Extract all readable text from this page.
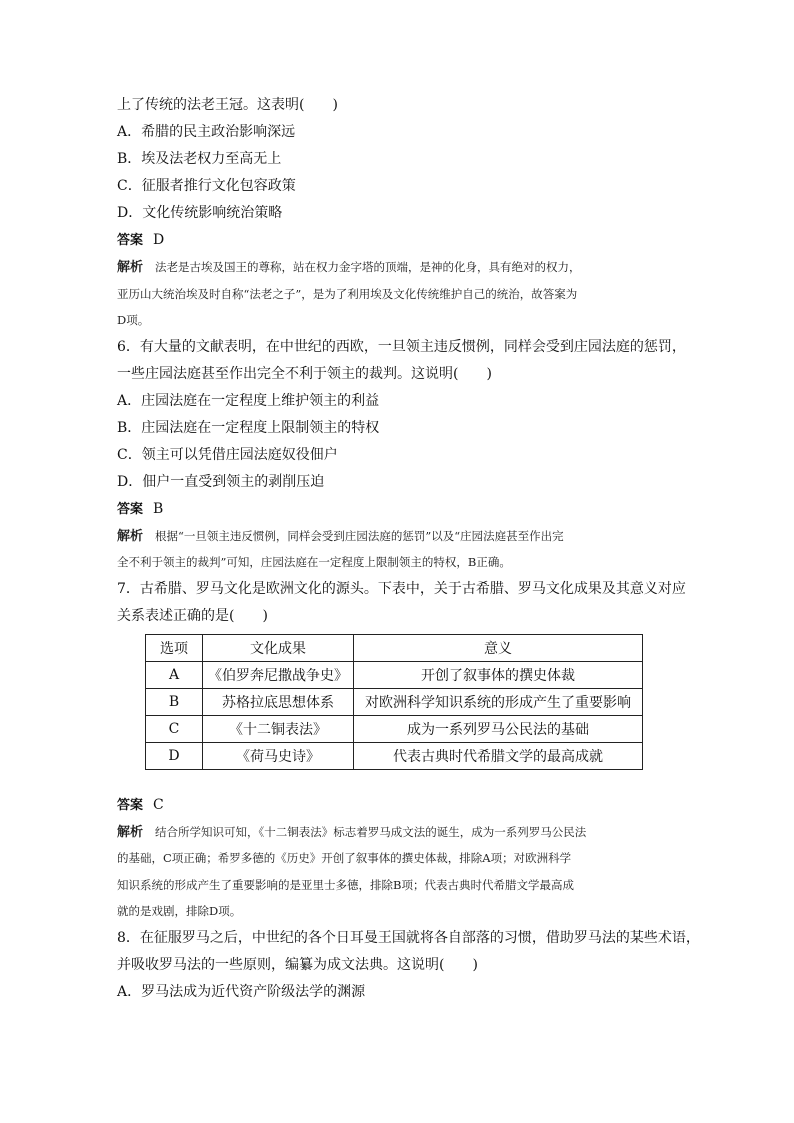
上了传统的法老王冠。这表明(　　)
A．希腊的民主政治影响深远
B．埃及法老权力至高无上
C．征服者推行文化包容政策
D．文化传统影响统治策略
答案 D
解析 法老是古埃及国王的尊称，站在权力金字塔的顶端，是神的化身，具有绝对的权力，
亚历山大统治埃及时自称“法老之子”，是为了利用埃及文化传统维护自己的统治，故答案为
D项。
6．有大量的文献表明，在中世纪的西欧，一旦领主违反惯例，同样会受到庄园法庭的惩罚，
一些庄园法庭甚至作出完全不利于领主的裁判。这说明(　　)
A．庄园法庭在一定程度上维护领主的利益
B．庄园法庭在一定程度上限制领主的特权
C．领主可以凭借庄园法庭奴役佃户
D．佃户一直受到领主的剥削压迫
答案 B
解析 根据“一旦领主违反惯例，同样会受到庄园法庭的惩罚”以及“庄园法庭甚至作出完
全不利于领主的裁判”可知，庄园法庭在一定程度上限制领主的特权，B正确。
7．古希腊、罗马文化是欧洲文化的源头。下表中，关于古希腊、罗马文化成果及其意义对应
关系表述正确的是(　　)
选项	文化成果	意义
A	《伯罗奔尼撒战争史》	开创了叙事体的撰史体裁
B	苏格拉底思想体系	对欧洲科学知识系统的形成产生了重要影响
C	《十二铜表法》	成为一系列罗马公民法的基础
D	《荷马史诗》	代表古典时代希腊文学的最高成就
答案 C
解析 结合所学知识可知，《十二铜表法》标志着罗马成文法的诞生，成为一系列罗马公民法
的基础，C项正确；希罗多德的《历史》开创了叙事体的撰史体裁，排除A项；对欧洲科学
知识系统的形成产生了重要影响的是亚里士多德，排除B项；代表古典时代希腊文学最高成
就的是戏剧，排除D项。
8．在征服罗马之后，中世纪的各个日耳曼王国就将各自部落的习惯，借助罗马法的某些术语，
并吸收罗马法的一些原则，编纂为成文法典。这说明(　　)
A．罗马法成为近代资产阶级法学的渊源
